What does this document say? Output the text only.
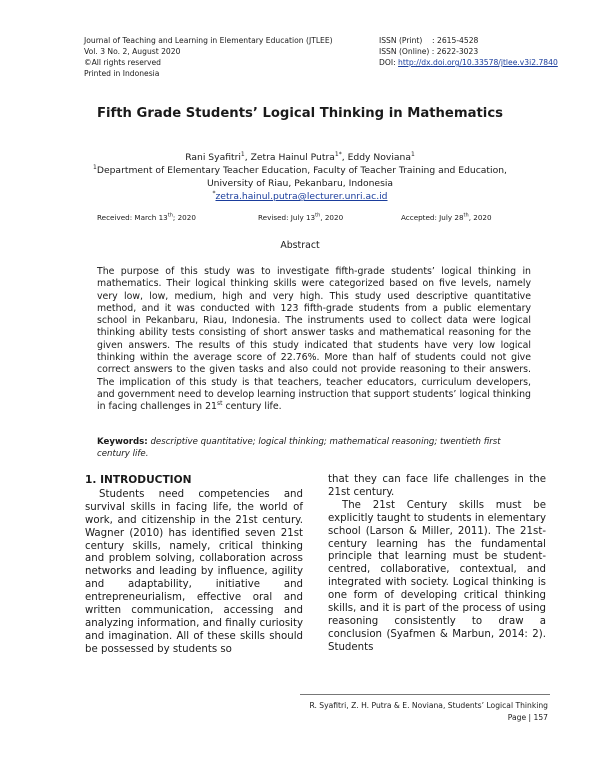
Journal of Teaching and Learning in Elementary Education (JTLEE)
Vol. 3 No. 2, August 2020
©All rights reserved
Printed in Indonesia
ISSN (Print)    : 2615-4528
ISSN (Online) : 2622-3023
DOI: http://dx.doi.org/10.33578/jtlee.v3i2.7840
Fifth Grade Students’ Logical Thinking in Mathematics
Rani Syafitri$^1$, Zetra Hainul Putra$^{1*}$, Eddy Noviana$^1$
$^1$Department of Elementary Teacher Education, Faculty of Teacher Training and Education,
University of Riau, Pekanbaru, Indonesia
*zetra.hainul.putra@lecturer.unri.ac.id
Received: March 13th; 2020	Revised: July 13th, 2020	Accepted: July 28th, 2020
Abstract
The purpose of this study was to investigate fifth-grade students’ logical thinking in mathematics. Their logical thinking skills were categorized based on five levels, namely very low, low, medium, high and very high. This study used descriptive quantitative method, and it was conducted with 123 fifth-grade students from a public elementary school in Pekanbaru, Riau, Indonesia. The instruments used to collect data were logical thinking ability tests consisting of short answer tasks and mathematical reasoning for the given answers. The results of this study indicated that students have very low logical thinking within the average score of 22.76%. More than half of students could not give correct answers to the given tasks and also could not provide reasoning to their answers. The implication of this study is that teachers, teacher educators, curriculum developers, and government need to develop learning instruction that support students’ logical thinking in facing challenges in 21st century life.
Keywords: descriptive quantitative; logical thinking; mathematical reasoning; twentieth first century life.
1. INTRODUCTION

Students need competencies and survival skills in facing life, the world of work, and citizenship in the 21st century. Wagner (2010) has identified seven 21st century skills, namely, critical thinking and problem solving, collaboration across networks and leading by influence, agility and adaptability, initiative and entrepreneurialism, effective oral and written communication, accessing and analyzing information, and finally curiosity and imagination. All of these skills should be possessed by students so

that they can face life challenges in the 21st century.

The 21st Century skills must be explicitly taught to students in elementary school (Larson & Miller, 2011). The 21st-century learning has the fundamental principle that learning must be student-centred, collaborative, contextual, and integrated with society. Logical thinking is one form of developing critical thinking skills, and it is part of the process of using reasoning consistently to draw a conclusion (Syafmen & Marbun, 2014: 2). Students

R. Syafitri, Z. H. Putra & E. Noviana, Students’ Logical Thinking
Page | 157
